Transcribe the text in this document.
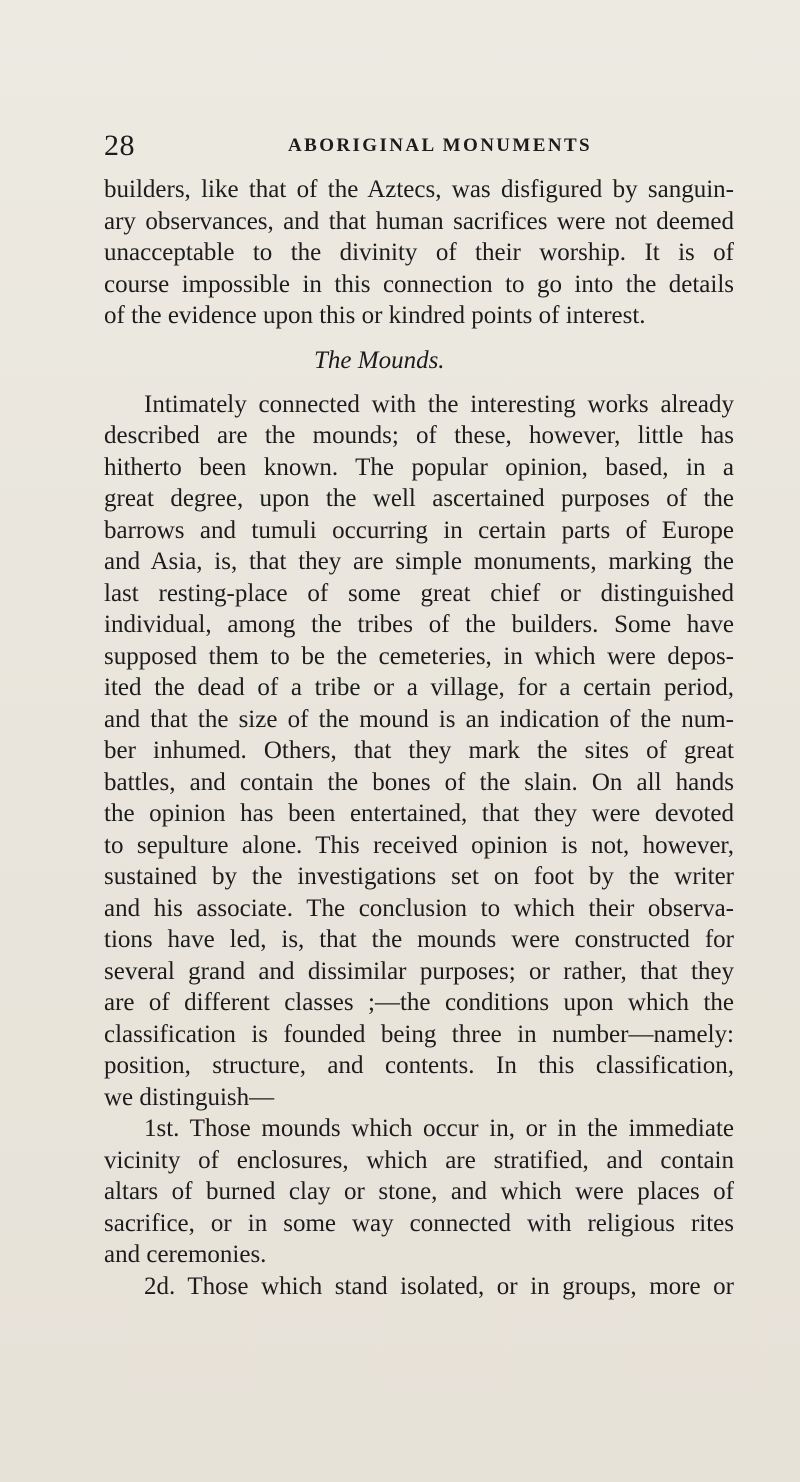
28	ABORIGINAL MONUMENTS
builders, like that of the Aztecs, was disfigured by sanguin-
ary observances, and that human sacrifices were not deemed
unacceptable to the divinity of their worship. It is of
course impossible in this connection to go into the details
of the evidence upon this or kindred points of interest.
The Mounds.
Intimately connected with the interesting works already
described are the mounds; of these, however, little has
hitherto been known. The popular opinion, based, in a
great degree, upon the well ascertained purposes of the
barrows and tumuli occurring in certain parts of Europe
and Asia, is, that they are simple monuments, marking the
last resting-place of some great chief or distinguished
individual, among the tribes of the builders. Some have
supposed them to be the cemeteries, in which were depos-
ited the dead of a tribe or a village, for a certain period,
and that the size of the mound is an indication of the num-
ber inhumed. Others, that they mark the sites of great
battles, and contain the bones of the slain. On all hands
the opinion has been entertained, that they were devoted
to sepulture alone. This received opinion is not, however,
sustained by the investigations set on foot by the writer
and his associate. The conclusion to which their observa-
tions have led, is, that the mounds were constructed for
several grand and dissimilar purposes; or rather, that they
are of different classes ;—the conditions upon which the
classification is founded being three in number—namely:
position, structure, and contents. In this classification,
we distinguish—
1st. Those mounds which occur in, or in the immediate
vicinity of enclosures, which are stratified, and contain
altars of burned clay or stone, and which were places of
sacrifice, or in some way connected with religious rites
and ceremonies.
2d. Those which stand isolated, or in groups, more or
